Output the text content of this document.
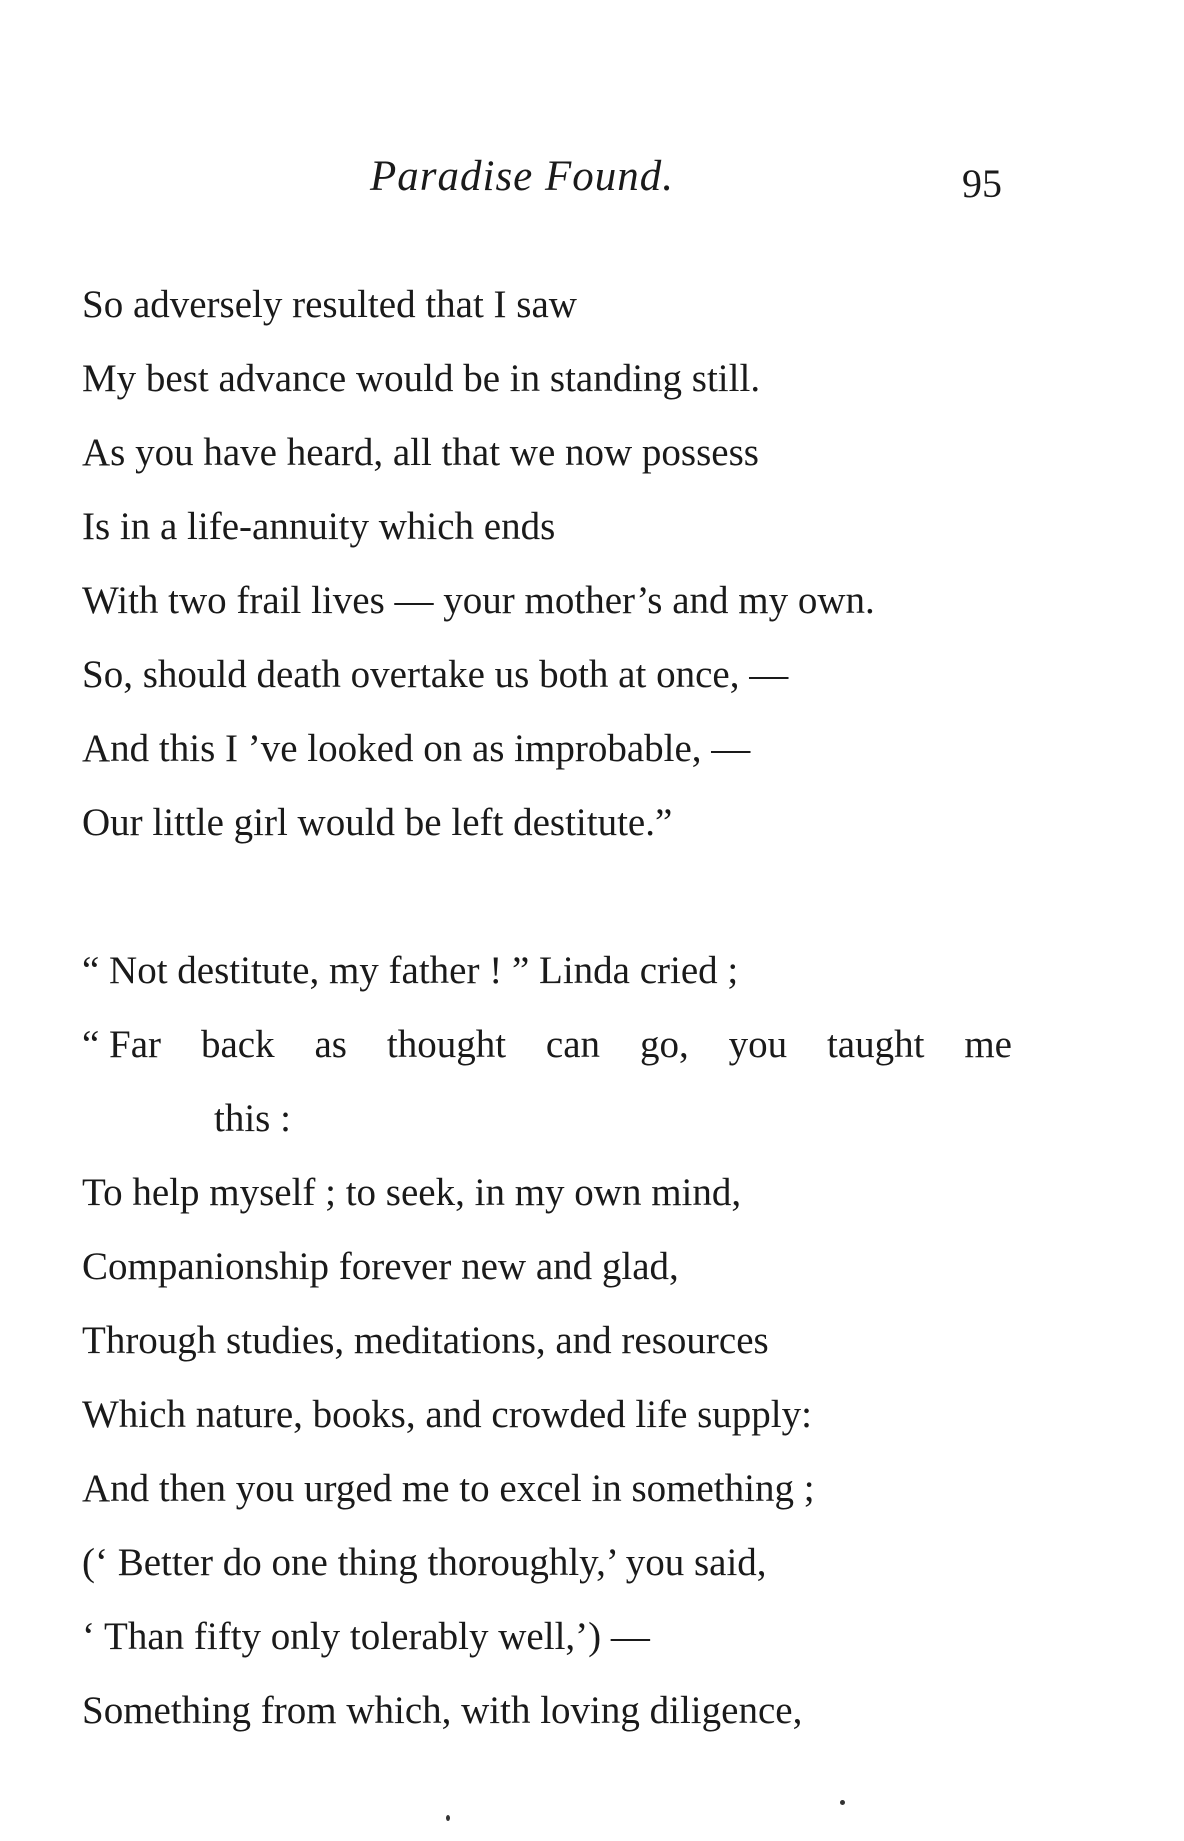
Paradise Found.	95
So adversely resulted that I saw
My best advance would be in standing still.
As you have heard, all that we now possess
Is in a life-annuity which ends
With two frail lives — your mother’s and my own.
So, should death overtake us both at once, —
And this I ’ve looked on as improbable, —
Our little girl would be left destitute.”
“ Not destitute, my father ! ” Linda cried ;
“ Far back as thought can go, you taught me
this :
To help myself ; to seek, in my own mind,
Companionship forever new and glad,
Through studies, meditations, and resources
Which nature, books, and crowded life supply:
And then you urged me to excel in something ;
(‘ Better do one thing thoroughly,’ you said,
‘ Than fifty only tolerably well,’) —
Something from which, with loving diligence,
